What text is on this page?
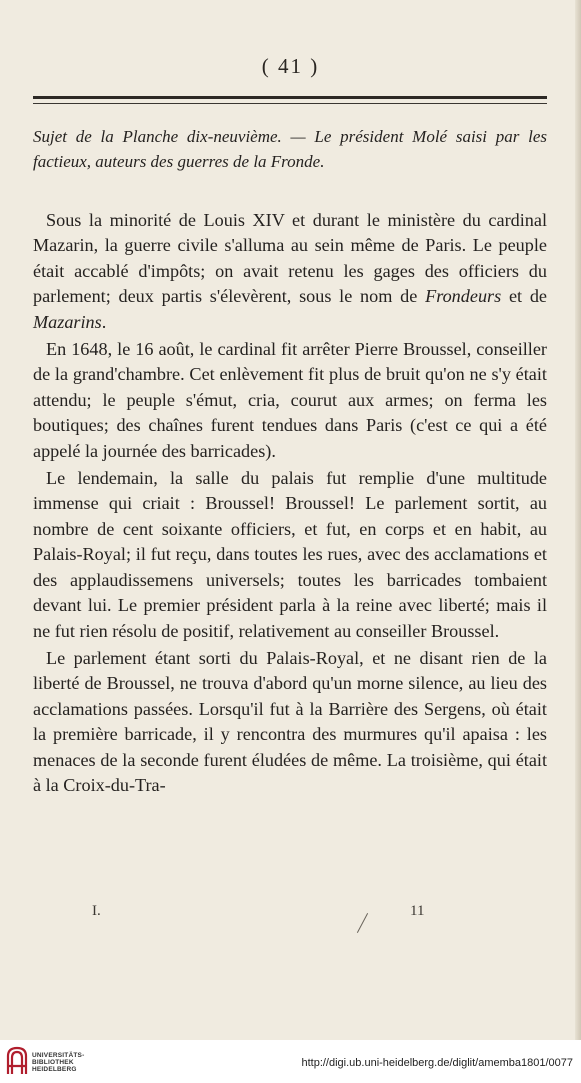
( 41 )
Sujet de la Planche dix-neuvième. — Le président Molé saisi par les factieux, auteurs des guerres de la Fronde.

Sous la minorité de Louis XIV et durant le ministère du cardinal Mazarin, la guerre civile s'alluma au sein même de Paris. Le peuple était accablé d'impôts; on avait retenu les gages des officiers du parlement; deux partis s'élevèrent, sous le nom de Frondeurs et de Mazarins.

En 1648, le 16 août, le cardinal fit arrêter Pierre Broussel, conseiller de la grand'chambre. Cet enlèvement fit plus de bruit qu'on ne s'y était attendu; le peuple s'émut, cria, courut aux armes; on ferma les boutiques; des chaînes furent tendues dans Paris (c'est ce qui a été appelé la journée des barricades).

Le lendemain, la salle du palais fut remplie d'une multitude immense qui criait : Broussel! Broussel! Le parlement sortit, au nombre de cent soixante officiers, et fut, en corps et en habit, au Palais-Royal; il fut reçu, dans toutes les rues, avec des acclamations et des applaudissemens universels; toutes les barricades tombaient devant lui. Le premier président parla à la reine avec liberté; mais il ne fut rien résolu de positif, relativement au conseiller Broussel.

Le parlement étant sorti du Palais-Royal, et ne disant rien de la liberté de Broussel, ne trouva d'abord qu'un morne silence, au lieu des acclamations passées. Lorsqu'il fut à la Barrière des Sergens, où était la première barricade, il y rencontra des murmures qu'il apaisa : les menaces de la seconde furent éludées de même. La troisième, qui était à la Croix-du-Tra-

I.	11
UNIVERSITÄTS-
BIBLIOTHEK
HEIDELBERG
http://digi.ub.uni-heidelberg.de/diglit/amemba1801/0077
